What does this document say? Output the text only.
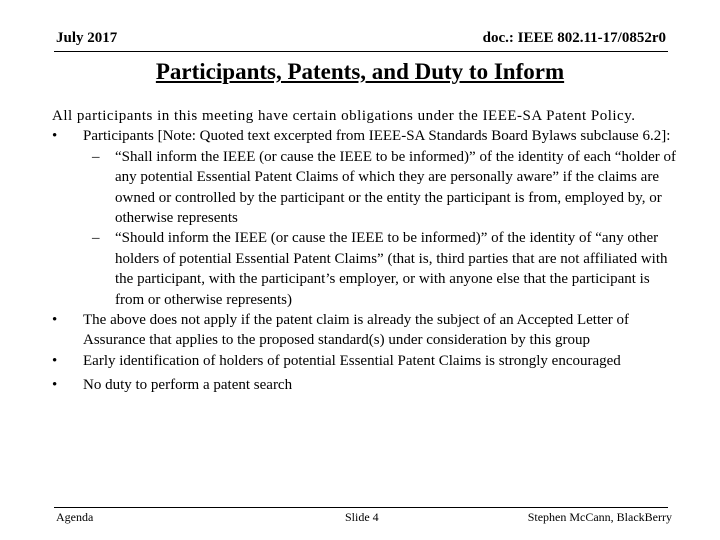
July 2017	doc.: IEEE 802.11-17/0852r0
Participants, Patents, and Duty to Inform
All participants in this meeting have certain obligations under the IEEE-SA Patent Policy.
• Participants [Note: Quoted text excerpted from IEEE-SA Standards Board Bylaws subclause 6.2]:
– “Shall inform the IEEE (or cause the IEEE to be informed)” of the identity of each “holder of any potential Essential Patent Claims of which they are personally aware” if the claims are owned or controlled by the participant or the entity the participant is from, employed by, or otherwise represents
– “Should inform the IEEE (or cause the IEEE to be informed)” of the identity of “any other holders of potential Essential Patent Claims” (that is, third parties that are not affiliated with the participant, with the participant’s employer, or with anyone else that the participant is from or otherwise represents)
• The above does not apply if the patent claim is already the subject of an Accepted Letter of Assurance that applies to the proposed standard(s) under consideration by this group
• Early identification of holders of potential Essential Patent Claims is strongly encouraged
• No duty to perform a patent search
Agenda	Slide 4	Stephen McCann, BlackBerry
